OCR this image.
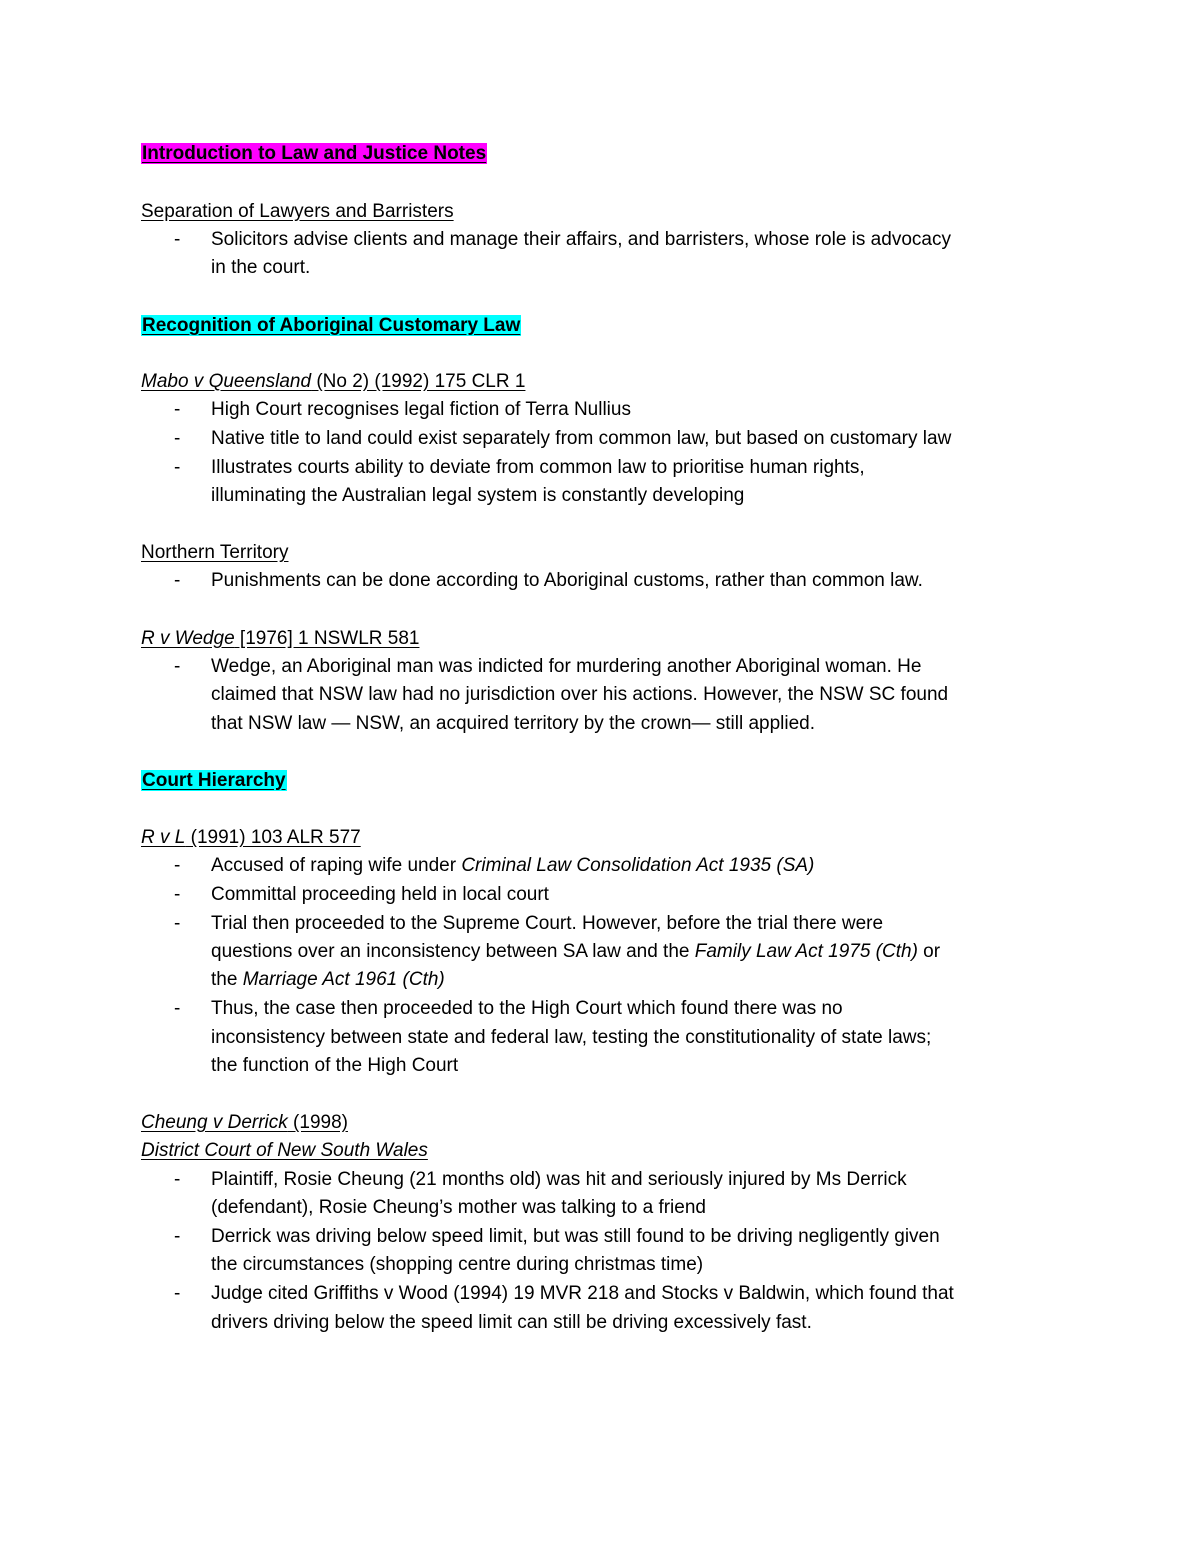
Introduction to Law and Justice Notes
Separation of Lawyers and Barristers
- Solicitors advise clients and manage their affairs, and barristers, whose role is advocacy
in the court.
Recognition of Aboriginal Customary Law
Mabo v Queensland (No 2) (1992) 175 CLR 1
- High Court recognises legal fiction of Terra Nullius
- Native title to land could exist separately from common law, but based on customary law
- Illustrates courts ability to deviate from common law to prioritise human rights,
illuminating the Australian legal system is constantly developing
Northern Territory
- Punishments can be done according to Aboriginal customs, rather than common law.
R v Wedge [1976] 1 NSWLR 581
- Wedge, an Aboriginal man was indicted for murdering another Aboriginal woman. He
claimed that NSW law had no jurisdiction over his actions. However, the NSW SC found
that NSW law — NSW, an acquired territory by the crown— still applied.
Court Hierarchy
R v L (1991) 103 ALR 577
- Accused of raping wife under Criminal Law Consolidation Act 1935 (SA)
- Committal proceeding held in local court
- Trial then proceeded to the Supreme Court. However, before the trial there were
questions over an inconsistency between SA law and the Family Law Act 1975 (Cth) or
the Marriage Act 1961 (Cth)
- Thus, the case then proceeded to the High Court which found there was no
inconsistency between state and federal law, testing the constitutionality of state laws;
the function of the High Court
Cheung v Derrick (1998)
District Court of New South Wales
- Plaintiff, Rosie Cheung (21 months old) was hit and seriously injured by Ms Derrick
(defendant), Rosie Cheung’s mother was talking to a friend
- Derrick was driving below speed limit, but was still found to be driving negligently given
the circumstances (shopping centre during christmas time)
- Judge cited Griffiths v Wood (1994) 19 MVR 218 and Stocks v Baldwin, which found that
drivers driving below the speed limit can still be driving excessively fast.
